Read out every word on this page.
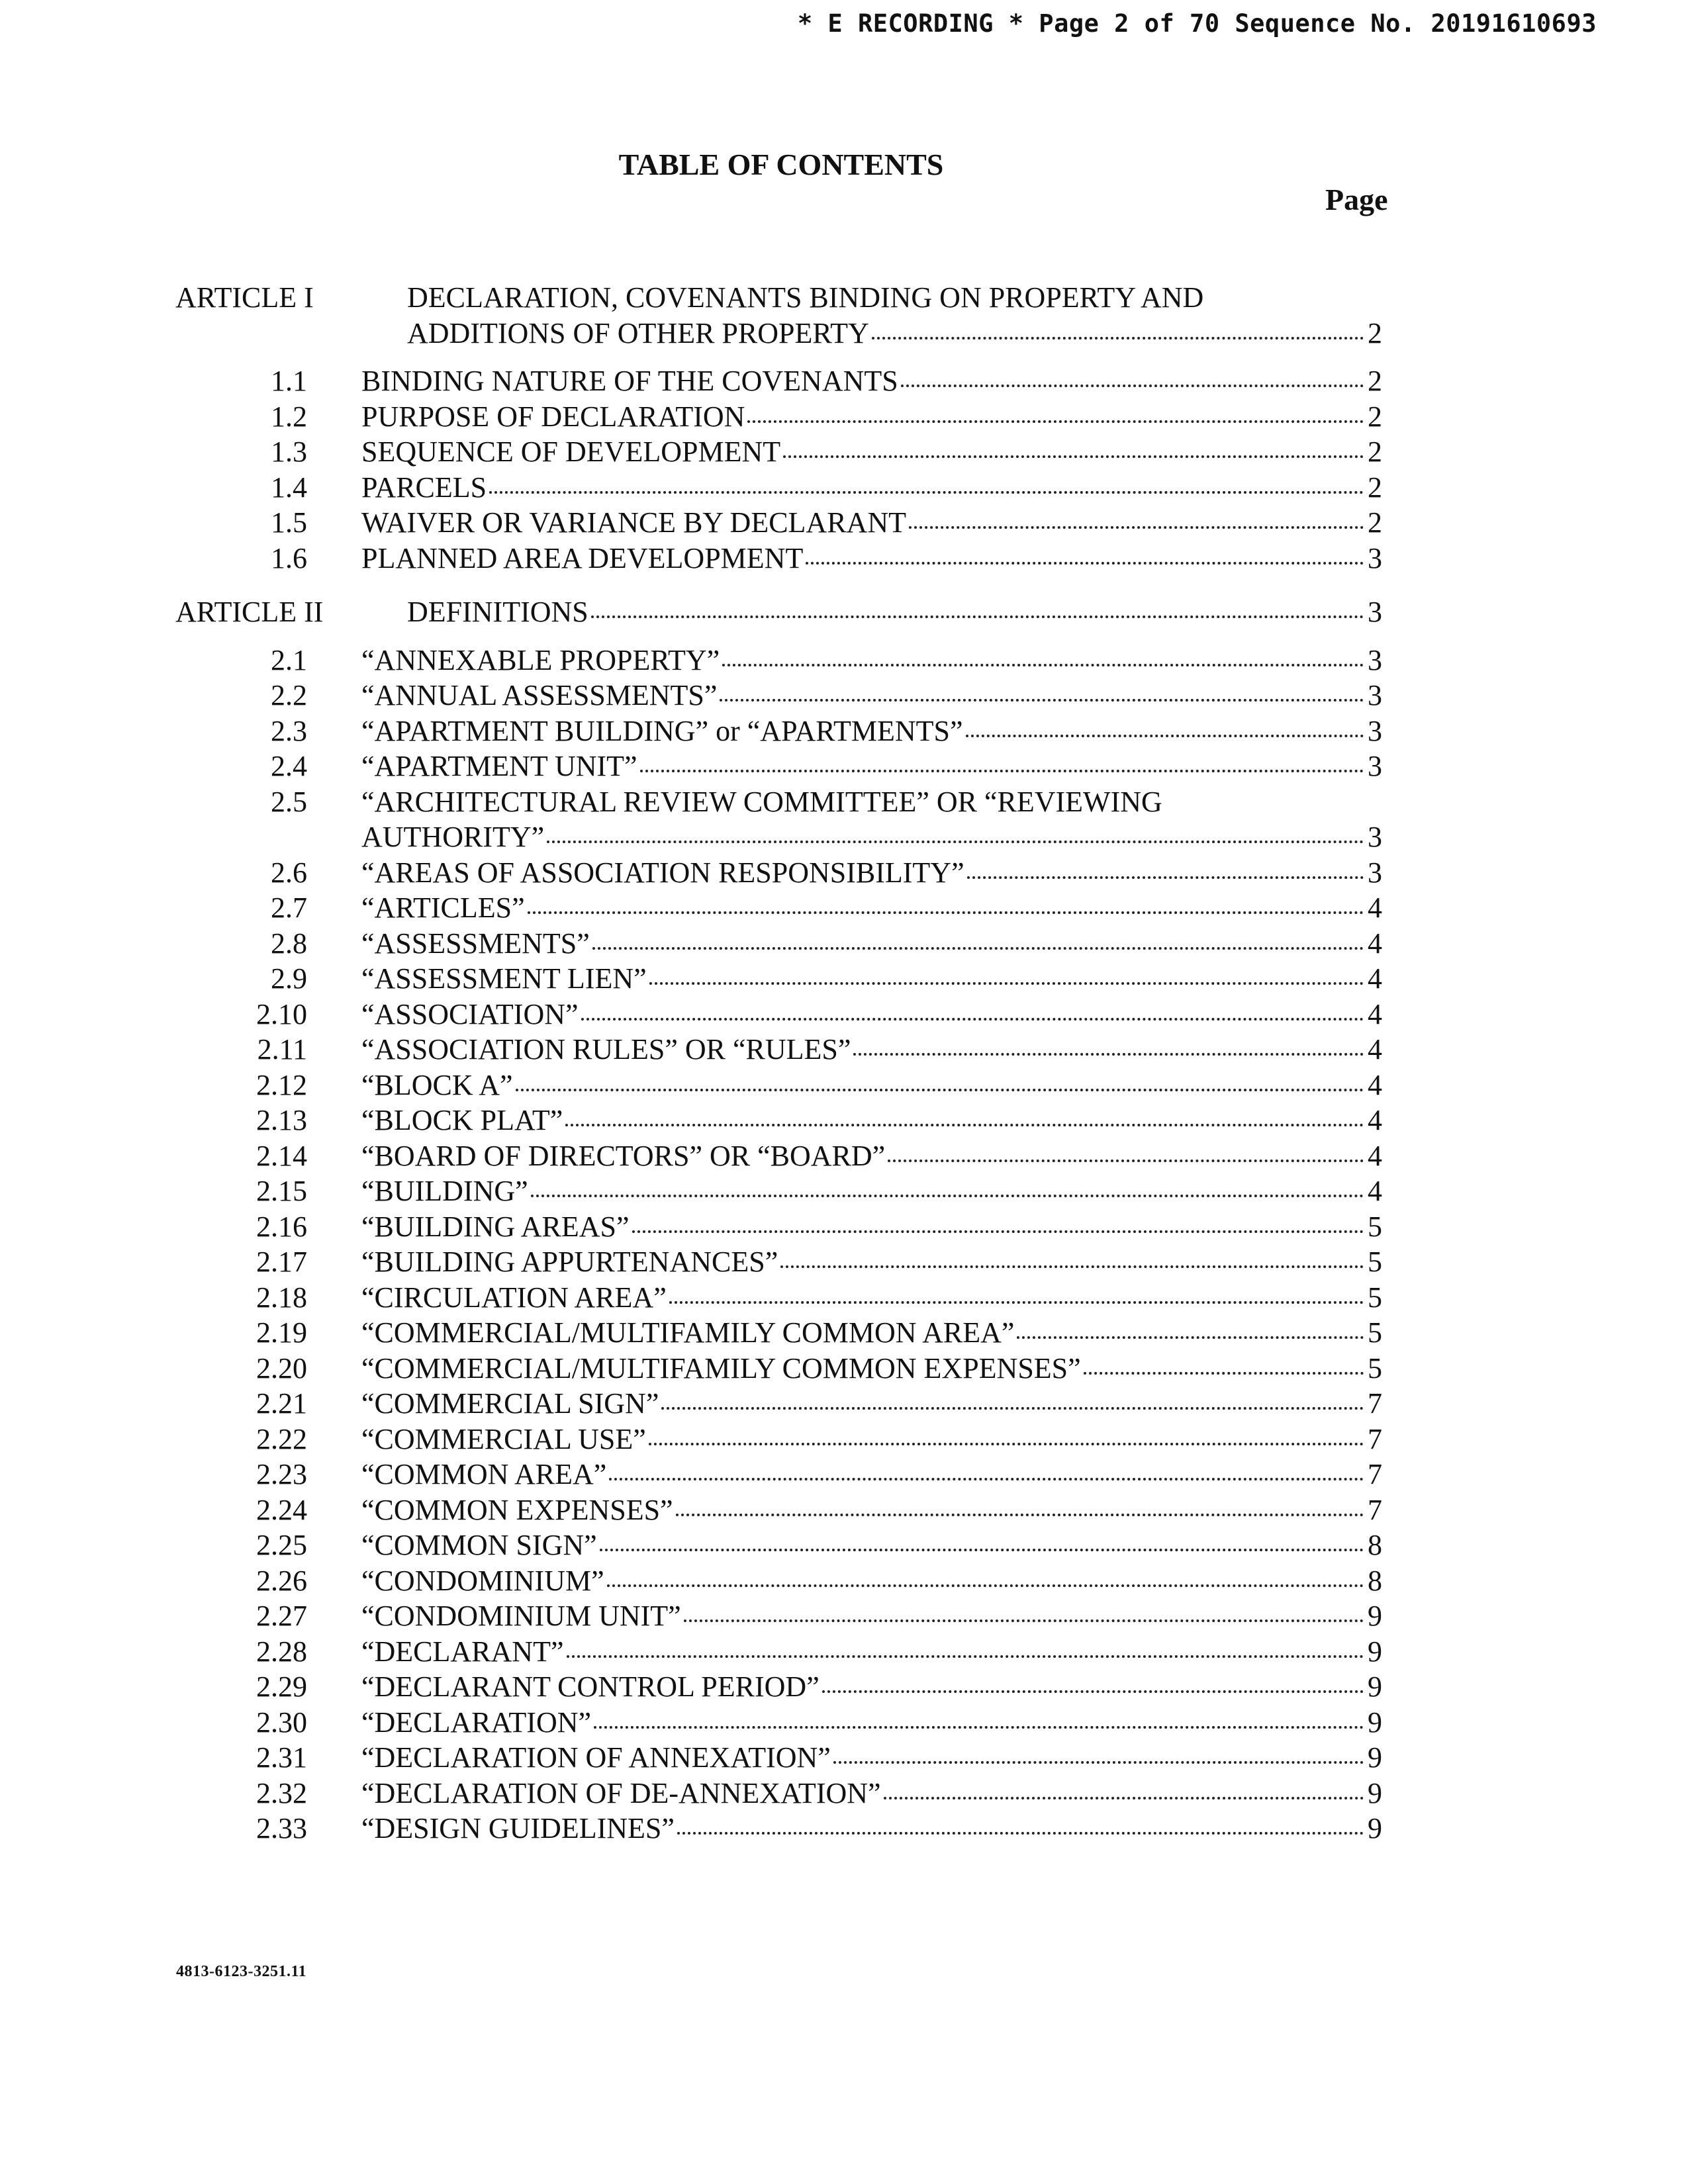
* E RECORDING * Page 2 of 70 Sequence No. 20191610693
TABLE OF CONTENTS
Page
ARTICLE I	DECLARATION, COVENANTS BINDING ON PROPERTY AND
ADDITIONS OF OTHER PROPERTY	2
1.1 BINDING NATURE OF THE COVENANTS	2
1.2 PURPOSE OF DECLARATION	2
1.3 SEQUENCE OF DEVELOPMENT	2
1.4 PARCELS	2
1.5 WAIVER OR VARIANCE BY DECLARANT	2
1.6 PLANNED AREA DEVELOPMENT	3
ARTICLE II	DEFINITIONS	3
2.1 “ANNEXABLE PROPERTY”	3
2.2 “ANNUAL ASSESSMENTS”	3
2.3 “APARTMENT BUILDING” or “APARTMENTS”	3
2.4 “APARTMENT UNIT”	3
2.5 “ARCHITECTURAL REVIEW COMMITTEE” OR “REVIEWING
AUTHORITY”	3
2.6 “AREAS OF ASSOCIATION RESPONSIBILITY”	3
2.7 “ARTICLES”	4
2.8 “ASSESSMENTS”	4
2.9 “ASSESSMENT LIEN”	4
2.10 “ASSOCIATION”	4
2.11 “ASSOCIATION RULES” OR “RULES”	4
2.12 “BLOCK A”	4
2.13 “BLOCK PLAT”	4
2.14 “BOARD OF DIRECTORS” OR “BOARD”	4
2.15 “BUILDING”	4
2.16 “BUILDING AREAS”	5
2.17 “BUILDING APPURTENANCES”	5
2.18 “CIRCULATION AREA”	5
2.19 “COMMERCIAL/MULTIFAMILY COMMON AREA”	5
2.20 “COMMERCIAL/MULTIFAMILY COMMON EXPENSES”	5
2.21 “COMMERCIAL SIGN”	7
2.22 “COMMERCIAL USE”	7
2.23 “COMMON AREA”	7
2.24 “COMMON EXPENSES”	7
2.25 “COMMON SIGN”	8
2.26 “CONDOMINIUM”	8
2.27 “CONDOMINIUM UNIT”	9
2.28 “DECLARANT”	9
2.29 “DECLARANT CONTROL PERIOD”	9
2.30 “DECLARATION”	9
2.31 “DECLARATION OF ANNEXATION”	9
2.32 “DECLARATION OF DE-ANNEXATION”	9
2.33 “DESIGN GUIDELINES”	9
4813-6123-3251.11
